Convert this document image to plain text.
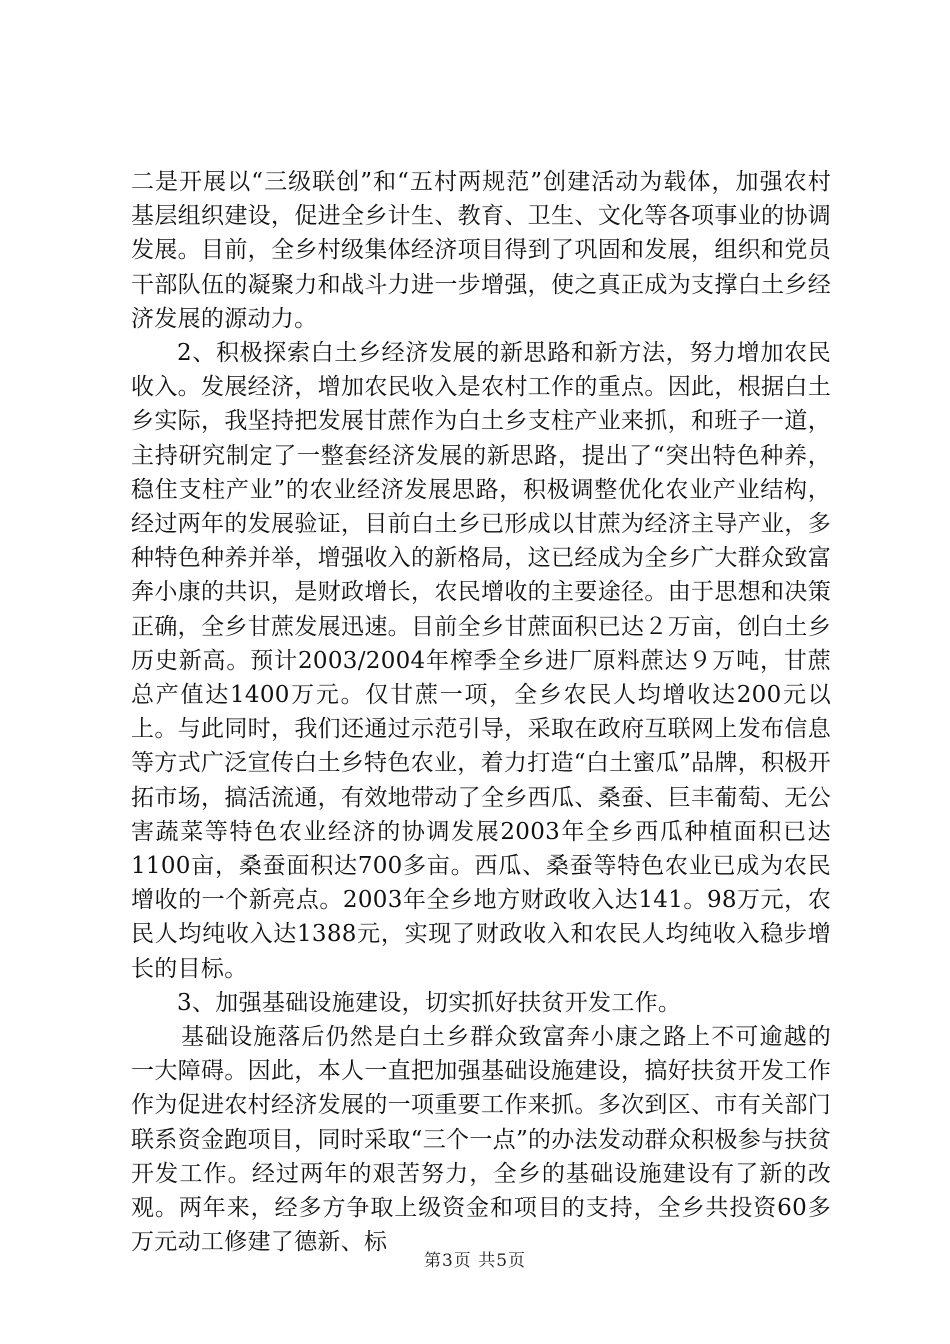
二是开展以“三级联创”和“五村两规范”创建活动为载体，加强农村基层组织建设，促进全乡计生、教育、卫生、文化等各项事业的协调发展。目前，全乡村级集体经济项目得到了巩固和发展，组织和党员干部队伍的凝聚力和战斗力进一步增强，使之真正成为支撑白土乡经济发展的源动力。

2、积极探索白土乡经济发展的新思路和新方法，努力增加农民收入。发展经济，增加农民收入是农村工作的重点。因此，根据白土乡实际，我坚持把发展甘蔗作为白土乡支柱产业来抓，和班子一道，主持研究制定了一整套经济发展的新思路，提出了“突出特色种养，稳住支柱产业”的农业经济发展思路，积极调整优化农业产业结构，经过两年的发展验证，目前白土乡已形成以甘蔗为经济主导产业，多种特色种养并举，增强收入的新格局，这已经成为全乡广大群众致富奔小康的共识，是财政增长，农民增收的主要途径。由于思想和决策正确，全乡甘蔗发展迅速。目前全乡甘蔗面积已达２万亩，创白土乡历史新高。预计2003/2004年榨季全乡进厂原料蔗达９万吨，甘蔗总产值达1400万元。仅甘蔗一项，全乡农民人均增收达200元以上。与此同时，我们还通过示范引导，采取在政府互联网上发布信息等方式广泛宣传白土乡特色农业，着力打造“白土蜜瓜”品牌，积极开拓市场，搞活流通，有效地带动了全乡西瓜、桑蚕、巨丰葡萄、无公害蔬菜等特色农业经济的协调发展2003年全乡西瓜种植面积已达1100亩，桑蚕面积达700多亩。西瓜、桑蚕等特色农业已成为农民增收的一个新亮点。2003年全乡地方财政收入达141。98万元，农民人均纯收入达1388元，实现了财政收入和农民人均纯收入稳步增长的目标。

3、加强基础设施建设，切实抓好扶贫开发工作。

基础设施落后仍然是白土乡群众致富奔小康之路上不可逾越的一大障碍。因此，本人一直把加强基础设施建设，搞好扶贫开发工作作为促进农村经济发展的一项重要工作来抓。多次到区、市有关部门联系资金跑项目，同时采取“三个一点”的办法发动群众积极参与扶贫开发工作。经过两年的艰苦努力，全乡的基础设施建设有了新的改观。两年来，经多方争取上级资金和项目的支持，全乡共投资60多万元动工修建了德新、标

第3页 共5页
